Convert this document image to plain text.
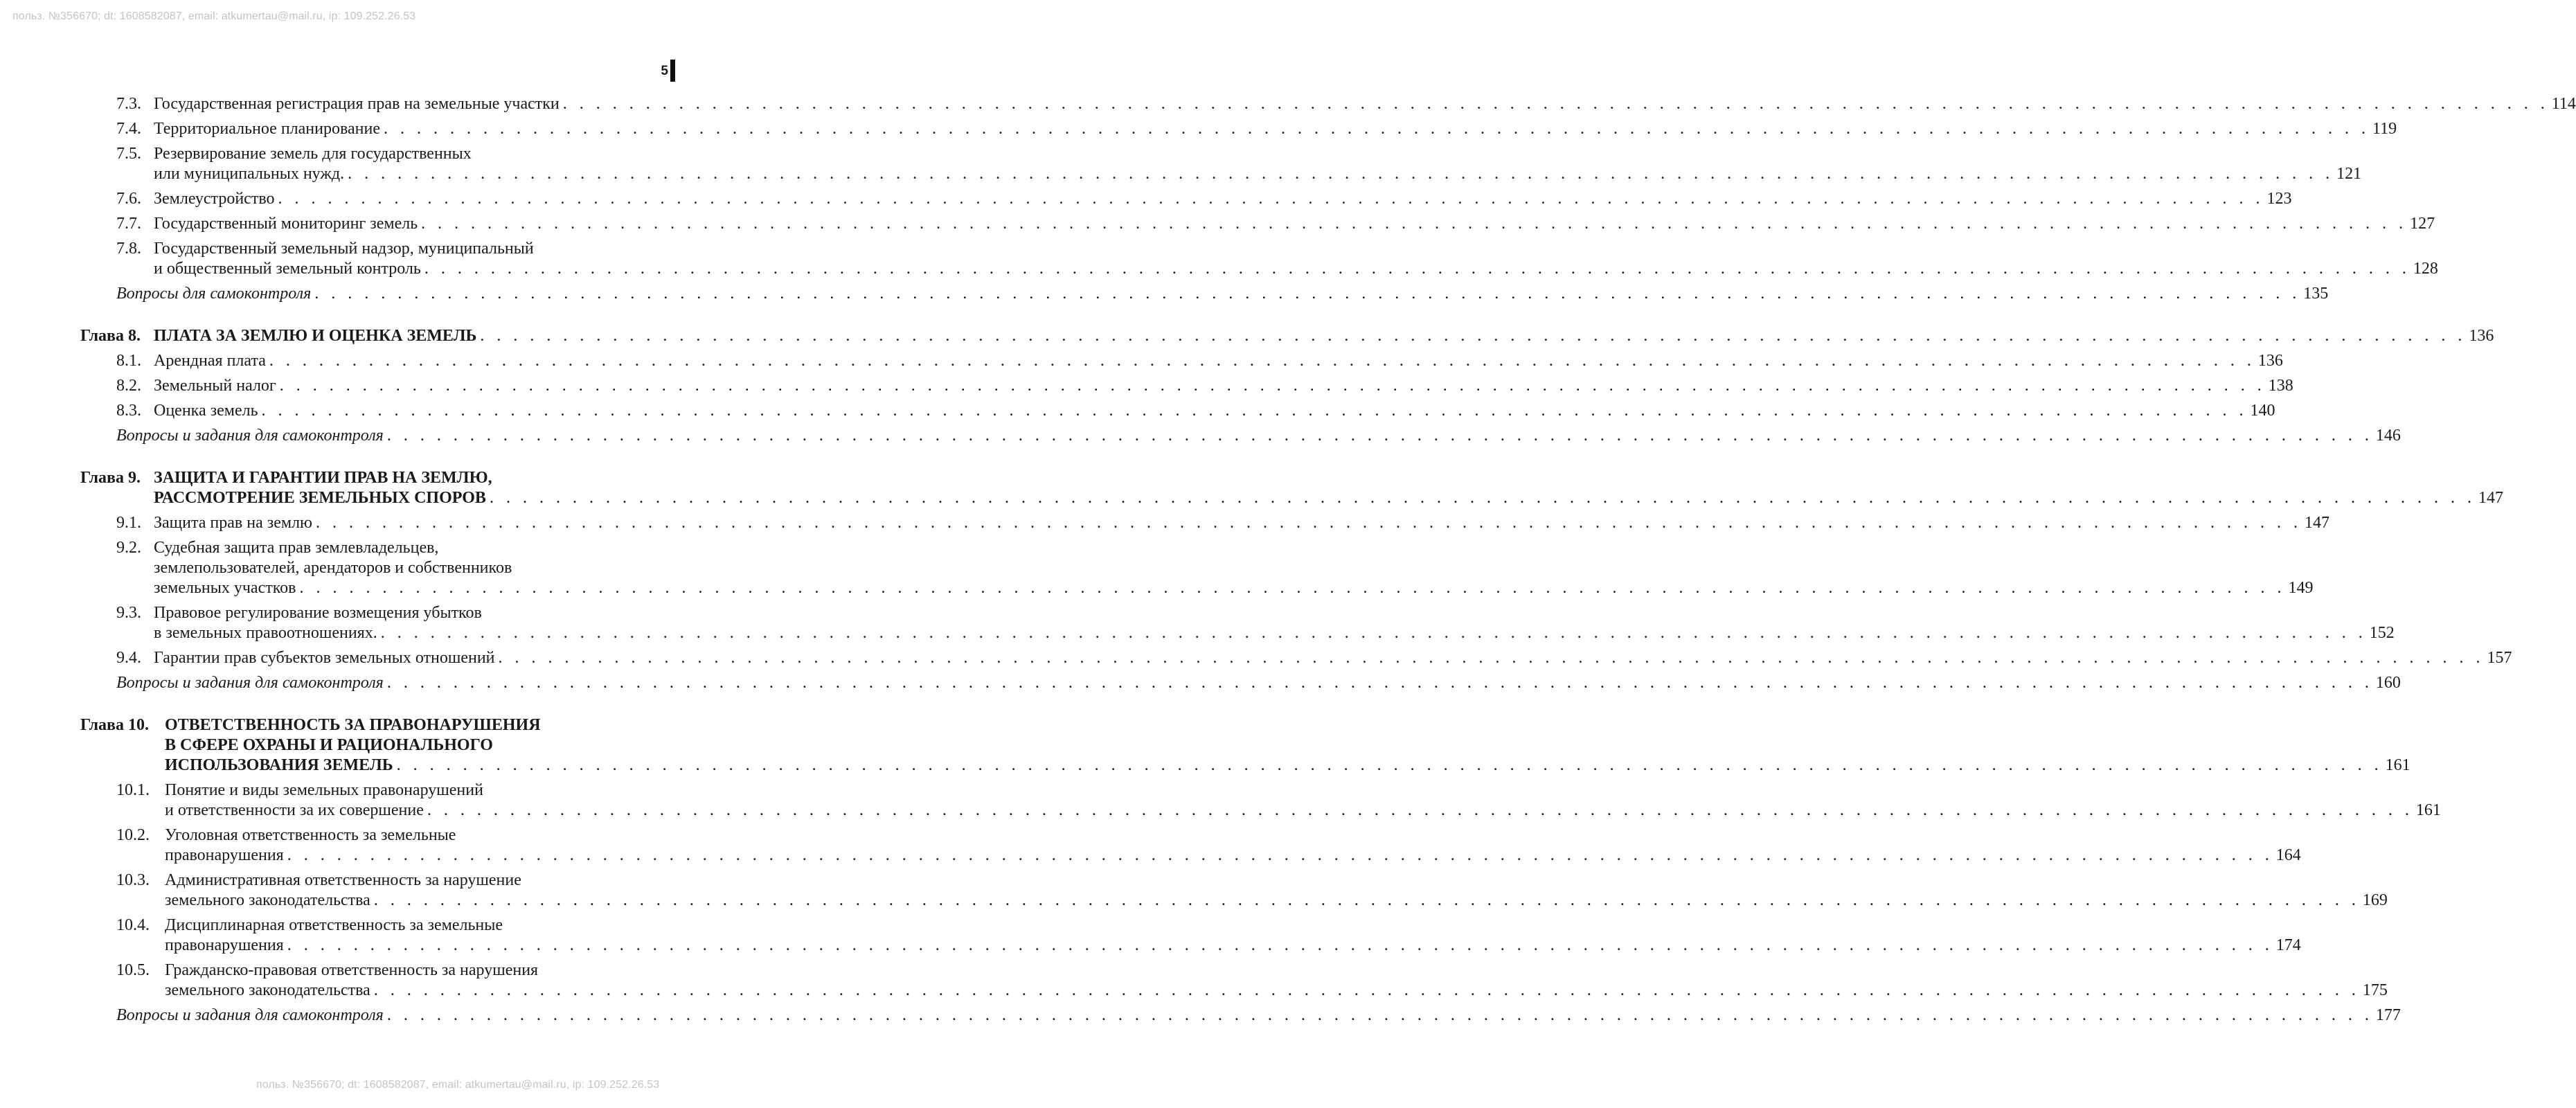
польз. №356670; dt: 1608582087, email: atkumertau@mail.ru, ip: 109.252.26.53
5
7.3. Государственная регистрация прав на земельные участки . . . . . . . . . . . . . . . . . . . . . . . . . . . . . . . . . . . . . . . . . . . . . . . . . . . . . . . . . . . . . . . . . . . . . . . . . . . . . . . . . . . . . . . . . . . . . . . . . . . . . . . . . . . . . . . . . . . . . . . . 114
7.4. Территориальное планирование . . . . . . . . . . . . . . . . . . . . . . . . . . . . . . . . . . . . . . . . . . . . . . . . . . . . . . . . . . . . . . . . . . . . . . . . . . . . . . . . . . . . . . . . . . . . . . . . . . . . . . . . . . . . . . . . . . . . . . . . 119
7.5. Резервирование земель для государственных
или муниципальных нужд. . . . . . . . . . . . . . . . . . . . . . . . . . . . . . . . . . . . . . . . . . . . . . . . . . . . . . . . . . . . . . . . . . . . . . . . . . . . . . . . . . . . . . . . . . . . . . . . . . . . . . . . . . . . . . . . . . . . . . . . . 121
7.6. Землеустройство . . . . . . . . . . . . . . . . . . . . . . . . . . . . . . . . . . . . . . . . . . . . . . . . . . . . . . . . . . . . . . . . . . . . . . . . . . . . . . . . . . . . . . . . . . . . . . . . . . . . . . . . . . . . . . . . . . . . . . . . 123
7.7. Государственный мониторинг земель . . . . . . . . . . . . . . . . . . . . . . . . . . . . . . . . . . . . . . . . . . . . . . . . . . . . . . . . . . . . . . . . . . . . . . . . . . . . . . . . . . . . . . . . . . . . . . . . . . . . . . . . . . . . . . . . . . . . . . . . 127
7.8. Государственный земельный надзор, муниципальный
и общественный земельный контроль . . . . . . . . . . . . . . . . . . . . . . . . . . . . . . . . . . . . . . . . . . . . . . . . . . . . . . . . . . . . . . . . . . . . . . . . . . . . . . . . . . . . . . . . . . . . . . . . . . . . . . . . . . . . . . . . . . . . . . . . 128
Вопросы для самоконтроля . . . . . . . . . . . . . . . . . . . . . . . . . . . . . . . . . . . . . . . . . . . . . . . . . . . . . . . . . . . . . . . . . . . . . . . . . . . . . . . . . . . . . . . . . . . . . . . . . . . . . . . . . . . . . . . . . . . . . . . . 135
Глава 8. ПЛАТА ЗА ЗЕМЛЮ И ОЦЕНКА ЗЕМЕЛЬ . . . . . . . . . . . . . . . . . . . . . . . . . . . . . . . . . . . . . . . . . . . . . . . . . . . . . . . . . . . . . . . . . . . . . . . . . . . . . . . . . . . . . . . . . . . . . . . . . . . . . . . . . . . . . . . . . . . . . . . . 136
8.1. Арендная плата . . . . . . . . . . . . . . . . . . . . . . . . . . . . . . . . . . . . . . . . . . . . . . . . . . . . . . . . . . . . . . . . . . . . . . . . . . . . . . . . . . . . . . . . . . . . . . . . . . . . . . . . . . . . . . . . . . . . . . . . 136
8.2. Земельный налог . . . . . . . . . . . . . . . . . . . . . . . . . . . . . . . . . . . . . . . . . . . . . . . . . . . . . . . . . . . . . . . . . . . . . . . . . . . . . . . . . . . . . . . . . . . . . . . . . . . . . . . . . . . . . . . . . . . . . . . . 138
8.3. Оценка земель . . . . . . . . . . . . . . . . . . . . . . . . . . . . . . . . . . . . . . . . . . . . . . . . . . . . . . . . . . . . . . . . . . . . . . . . . . . . . . . . . . . . . . . . . . . . . . . . . . . . . . . . . . . . . . . . . . . . . . . . 140
Вопросы и задания для самоконтроля . . . . . . . . . . . . . . . . . . . . . . . . . . . . . . . . . . . . . . . . . . . . . . . . . . . . . . . . . . . . . . . . . . . . . . . . . . . . . . . . . . . . . . . . . . . . . . . . . . . . . . . . . . . . . . . . . . . . . . . . 146
Глава 9. ЗАЩИТА И ГАРАНТИИ ПРАВ НА ЗЕМЛЮ,
РАССМОТРЕНИЕ ЗЕМЕЛЬНЫХ СПОРОВ . . . . . . . . . . . . . . . . . . . . . . . . . . . . . . . . . . . . . . . . . . . . . . . . . . . . . . . . . . . . . . . . . . . . . . . . . . . . . . . . . . . . . . . . . . . . . . . . . . . . . . . . . . . . . . . . . . . . . . . . 147
9.1. Защита прав на землю . . . . . . . . . . . . . . . . . . . . . . . . . . . . . . . . . . . . . . . . . . . . . . . . . . . . . . . . . . . . . . . . . . . . . . . . . . . . . . . . . . . . . . . . . . . . . . . . . . . . . . . . . . . . . . . . . . . . . . . . 147
9.2. Судебная защита прав землевладельцев,
землепользователей, арендаторов и собственников
земельных участков . . . . . . . . . . . . . . . . . . . . . . . . . . . . . . . . . . . . . . . . . . . . . . . . . . . . . . . . . . . . . . . . . . . . . . . . . . . . . . . . . . . . . . . . . . . . . . . . . . . . . . . . . . . . . . . . . . . . . . . . 149
9.3. Правовое регулирование возмещения убытков
в земельных правоотношениях. . . . . . . . . . . . . . . . . . . . . . . . . . . . . . . . . . . . . . . . . . . . . . . . . . . . . . . . . . . . . . . . . . . . . . . . . . . . . . . . . . . . . . . . . . . . . . . . . . . . . . . . . . . . . . . . . . . . . . . . . 152
9.4. Гарантии прав субъектов земельных отношений . . . . . . . . . . . . . . . . . . . . . . . . . . . . . . . . . . . . . . . . . . . . . . . . . . . . . . . . . . . . . . . . . . . . . . . . . . . . . . . . . . . . . . . . . . . . . . . . . . . . . . . . . . . . . . . . . . . . . . . . 157
Вопросы и задания для самоконтроля . . . . . . . . . . . . . . . . . . . . . . . . . . . . . . . . . . . . . . . . . . . . . . . . . . . . . . . . . . . . . . . . . . . . . . . . . . . . . . . . . . . . . . . . . . . . . . . . . . . . . . . . . . . . . . . . . . . . . . . . 160
Глава 10. ОТВЕТСТВЕННОСТЬ ЗА ПРАВОНАРУШЕНИЯ
В СФЕРЕ ОХРАНЫ И РАЦИОНАЛЬНОГО
ИСПОЛЬЗОВАНИЯ ЗЕМЕЛЬ . . . . . . . . . . . . . . . . . . . . . . . . . . . . . . . . . . . . . . . . . . . . . . . . . . . . . . . . . . . . . . . . . . . . . . . . . . . . . . . . . . . . . . . . . . . . . . . . . . . . . . . . . . . . . . . . . . . . . . . . 161
10.1. Понятие и виды земельных правонарушений
и ответственности за их совершение . . . . . . . . . . . . . . . . . . . . . . . . . . . . . . . . . . . . . . . . . . . . . . . . . . . . . . . . . . . . . . . . . . . . . . . . . . . . . . . . . . . . . . . . . . . . . . . . . . . . . . . . . . . . . . . . . . . . . . . . 161
10.2. Уголовная ответственность за земельные
правонарушения . . . . . . . . . . . . . . . . . . . . . . . . . . . . . . . . . . . . . . . . . . . . . . . . . . . . . . . . . . . . . . . . . . . . . . . . . . . . . . . . . . . . . . . . . . . . . . . . . . . . . . . . . . . . . . . . . . . . . . . . 164
10.3. Административная ответственность за нарушение
земельного законодательства . . . . . . . . . . . . . . . . . . . . . . . . . . . . . . . . . . . . . . . . . . . . . . . . . . . . . . . . . . . . . . . . . . . . . . . . . . . . . . . . . . . . . . . . . . . . . . . . . . . . . . . . . . . . . . . . . . . . . . . . 169
10.4. Дисциплинарная ответственность за земельные
правонарушения . . . . . . . . . . . . . . . . . . . . . . . . . . . . . . . . . . . . . . . . . . . . . . . . . . . . . . . . . . . . . . . . . . . . . . . . . . . . . . . . . . . . . . . . . . . . . . . . . . . . . . . . . . . . . . . . . . . . . . . . 174
10.5. Гражданско-правовая ответственность за нарушения
земельного законодательства . . . . . . . . . . . . . . . . . . . . . . . . . . . . . . . . . . . . . . . . . . . . . . . . . . . . . . . . . . . . . . . . . . . . . . . . . . . . . . . . . . . . . . . . . . . . . . . . . . . . . . . . . . . . . . . . . . . . . . . . 175
Вопросы и задания для самоконтроля . . . . . . . . . . . . . . . . . . . . . . . . . . . . . . . . . . . . . . . . . . . . . . . . . . . . . . . . . . . . . . . . . . . . . . . . . . . . . . . . . . . . . . . . . . . . . . . . . . . . . . . . . . . . . . . . . . . . . . . . 177
польз. №356670; dt: 1608582087, email: atkumertau@mail.ru, ip: 109.252.26.53
